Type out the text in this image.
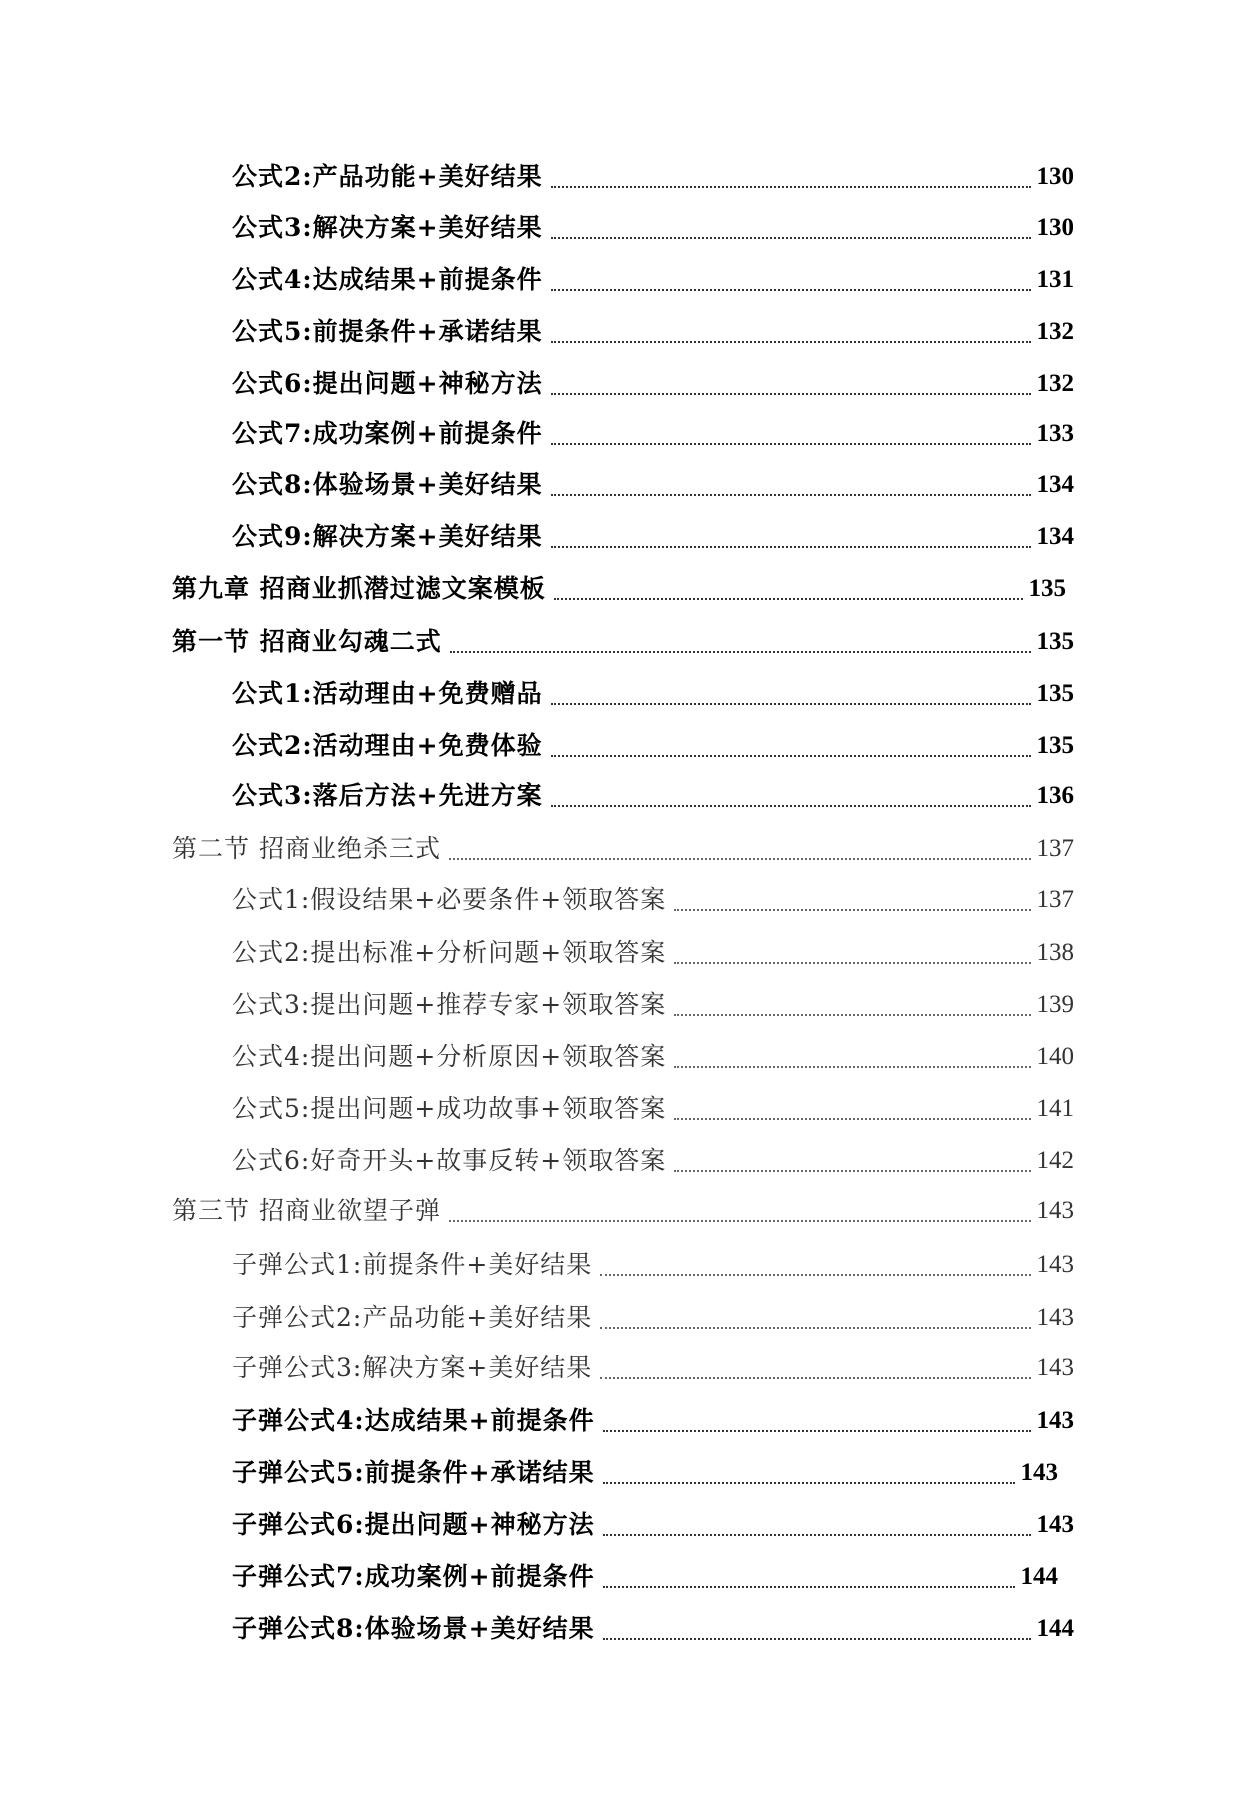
公式2:产品功能+美好结果	130
公式3:解决方案+美好结果	130
公式4:达成结果+前提条件	131
公式5:前提条件+承诺结果	132
公式6:提出问题+神秘方法	132
公式7:成功案例+前提条件	133
公式8:体验场景+美好结果	134
公式9:解决方案+美好结果	134
第九章 招商业抓潜过滤文案模板	135
第一节 招商业勾魂二式	135
公式1:活动理由+免费赠品	135
公式2:活动理由+免费体验	135
公式3:落后方法+先进方案	136
第二节 招商业绝杀三式	137
公式1:假设结果+必要条件+领取答案	137
公式2:提出标准+分析问题+领取答案	138
公式3:提出问题+推荐专家+领取答案	139
公式4:提出问题+分析原因+领取答案	140
公式5:提出问题+成功故事+领取答案	141
公式6:好奇开头+故事反转+领取答案	142
第三节 招商业欲望子弹	143
子弹公式1:前提条件+美好结果	143
子弹公式2:产品功能+美好结果	143
子弹公式3:解决方案+美好结果	143
子弹公式4:达成结果+前提条件	143
子弹公式5:前提条件+承诺结果	143
子弹公式6:提出问题+神秘方法	143
子弹公式7:成功案例+前提条件	144
子弹公式8:体验场景+美好结果	144
